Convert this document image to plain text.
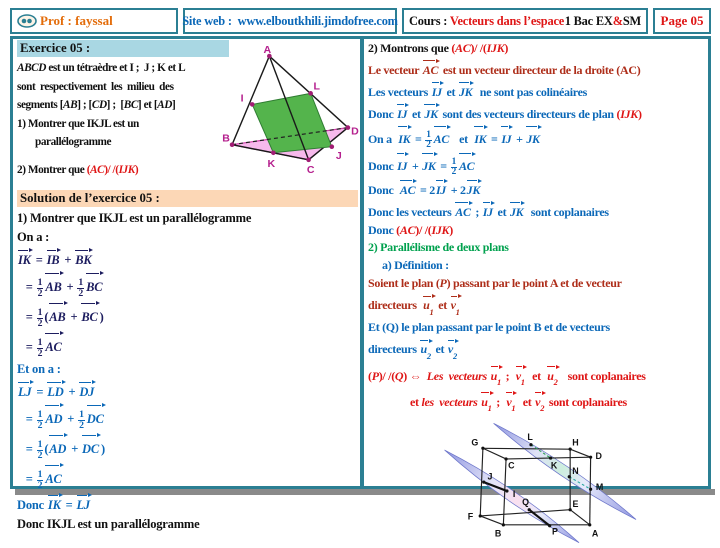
Prof : fayssal	Site web :  www.elboutkhili.jimdofree.com Cours : Vecteurs dans l’espace 1 Bac EX&SM Page 05
Exercice 05 :
ABCD est un tétraèdre et I ;  J ; K et L
sont  respectivement  les  milieu  des
segments [AB] ; [CD] ;  [BC] et [AD]
1) Montrer que IKJL est un
parallélogramme
2) Montrer que (AC)/ /(IJK)
A
B
C
D
I
J
K
L
Solution de l’exercice 05 :
1) Montrer que IKJL est un parallélogramme
On a :
IK = IB + BK
= $\frac{1}{2}$ AB + $\frac{1}{2}$ BC
= $\frac{1}{2} (AB$ + BC )
= $\frac{1}{2}$ AC
Et on a :
LJ = LD + DJ
= $\frac{1}{2}$ AD + $\frac{1}{2}$ DC
= $\frac{1}{2} (AD$ + DC )
= $\frac{1}{2}$ AC
Donc IK = LJ
Donc IKJL est un parallélogramme
2) Montrons que (AC)/ /(IJK)
Le vecteur AC est un vecteur directeur de la droite (AC)
Les vecteurs IJ et JK  ne sont pas colinéaires
Donc IJ et JK sont des vecteurs directeurs de plan (IJK)
On a  IK = $\frac{1}{2}$ AC   et  IK = IJ + JK
Donc IJ + JK = $\frac{1}{2}$ AC
Donc  AC = 2IJ + 2JK
Donc les vecteurs AC ; IJ et JK  sont coplanaires
Donc (AC)/ /(IJK)
2) Parallélisme de deux plans
a) Définition :
Soient le plan (P) passant par le point A et de vecteur
directeurs  $u_1$ et $v_1$
Et (Q) le plan passant par le point B et de vecteurs
directeurs $u_2$ et $v_2$
(P)/ /(Q) ⇔  Les  vecteurs $u_1$ ;  $v_1$  et  $u_2$   sont coplanaires
et les  vecteurs $u_1$ ;  $v_1$  et $v_2$ sont coplanaires
G	H
C
D
F
B
E
A
L
K
J
I
N
M
Q
P
